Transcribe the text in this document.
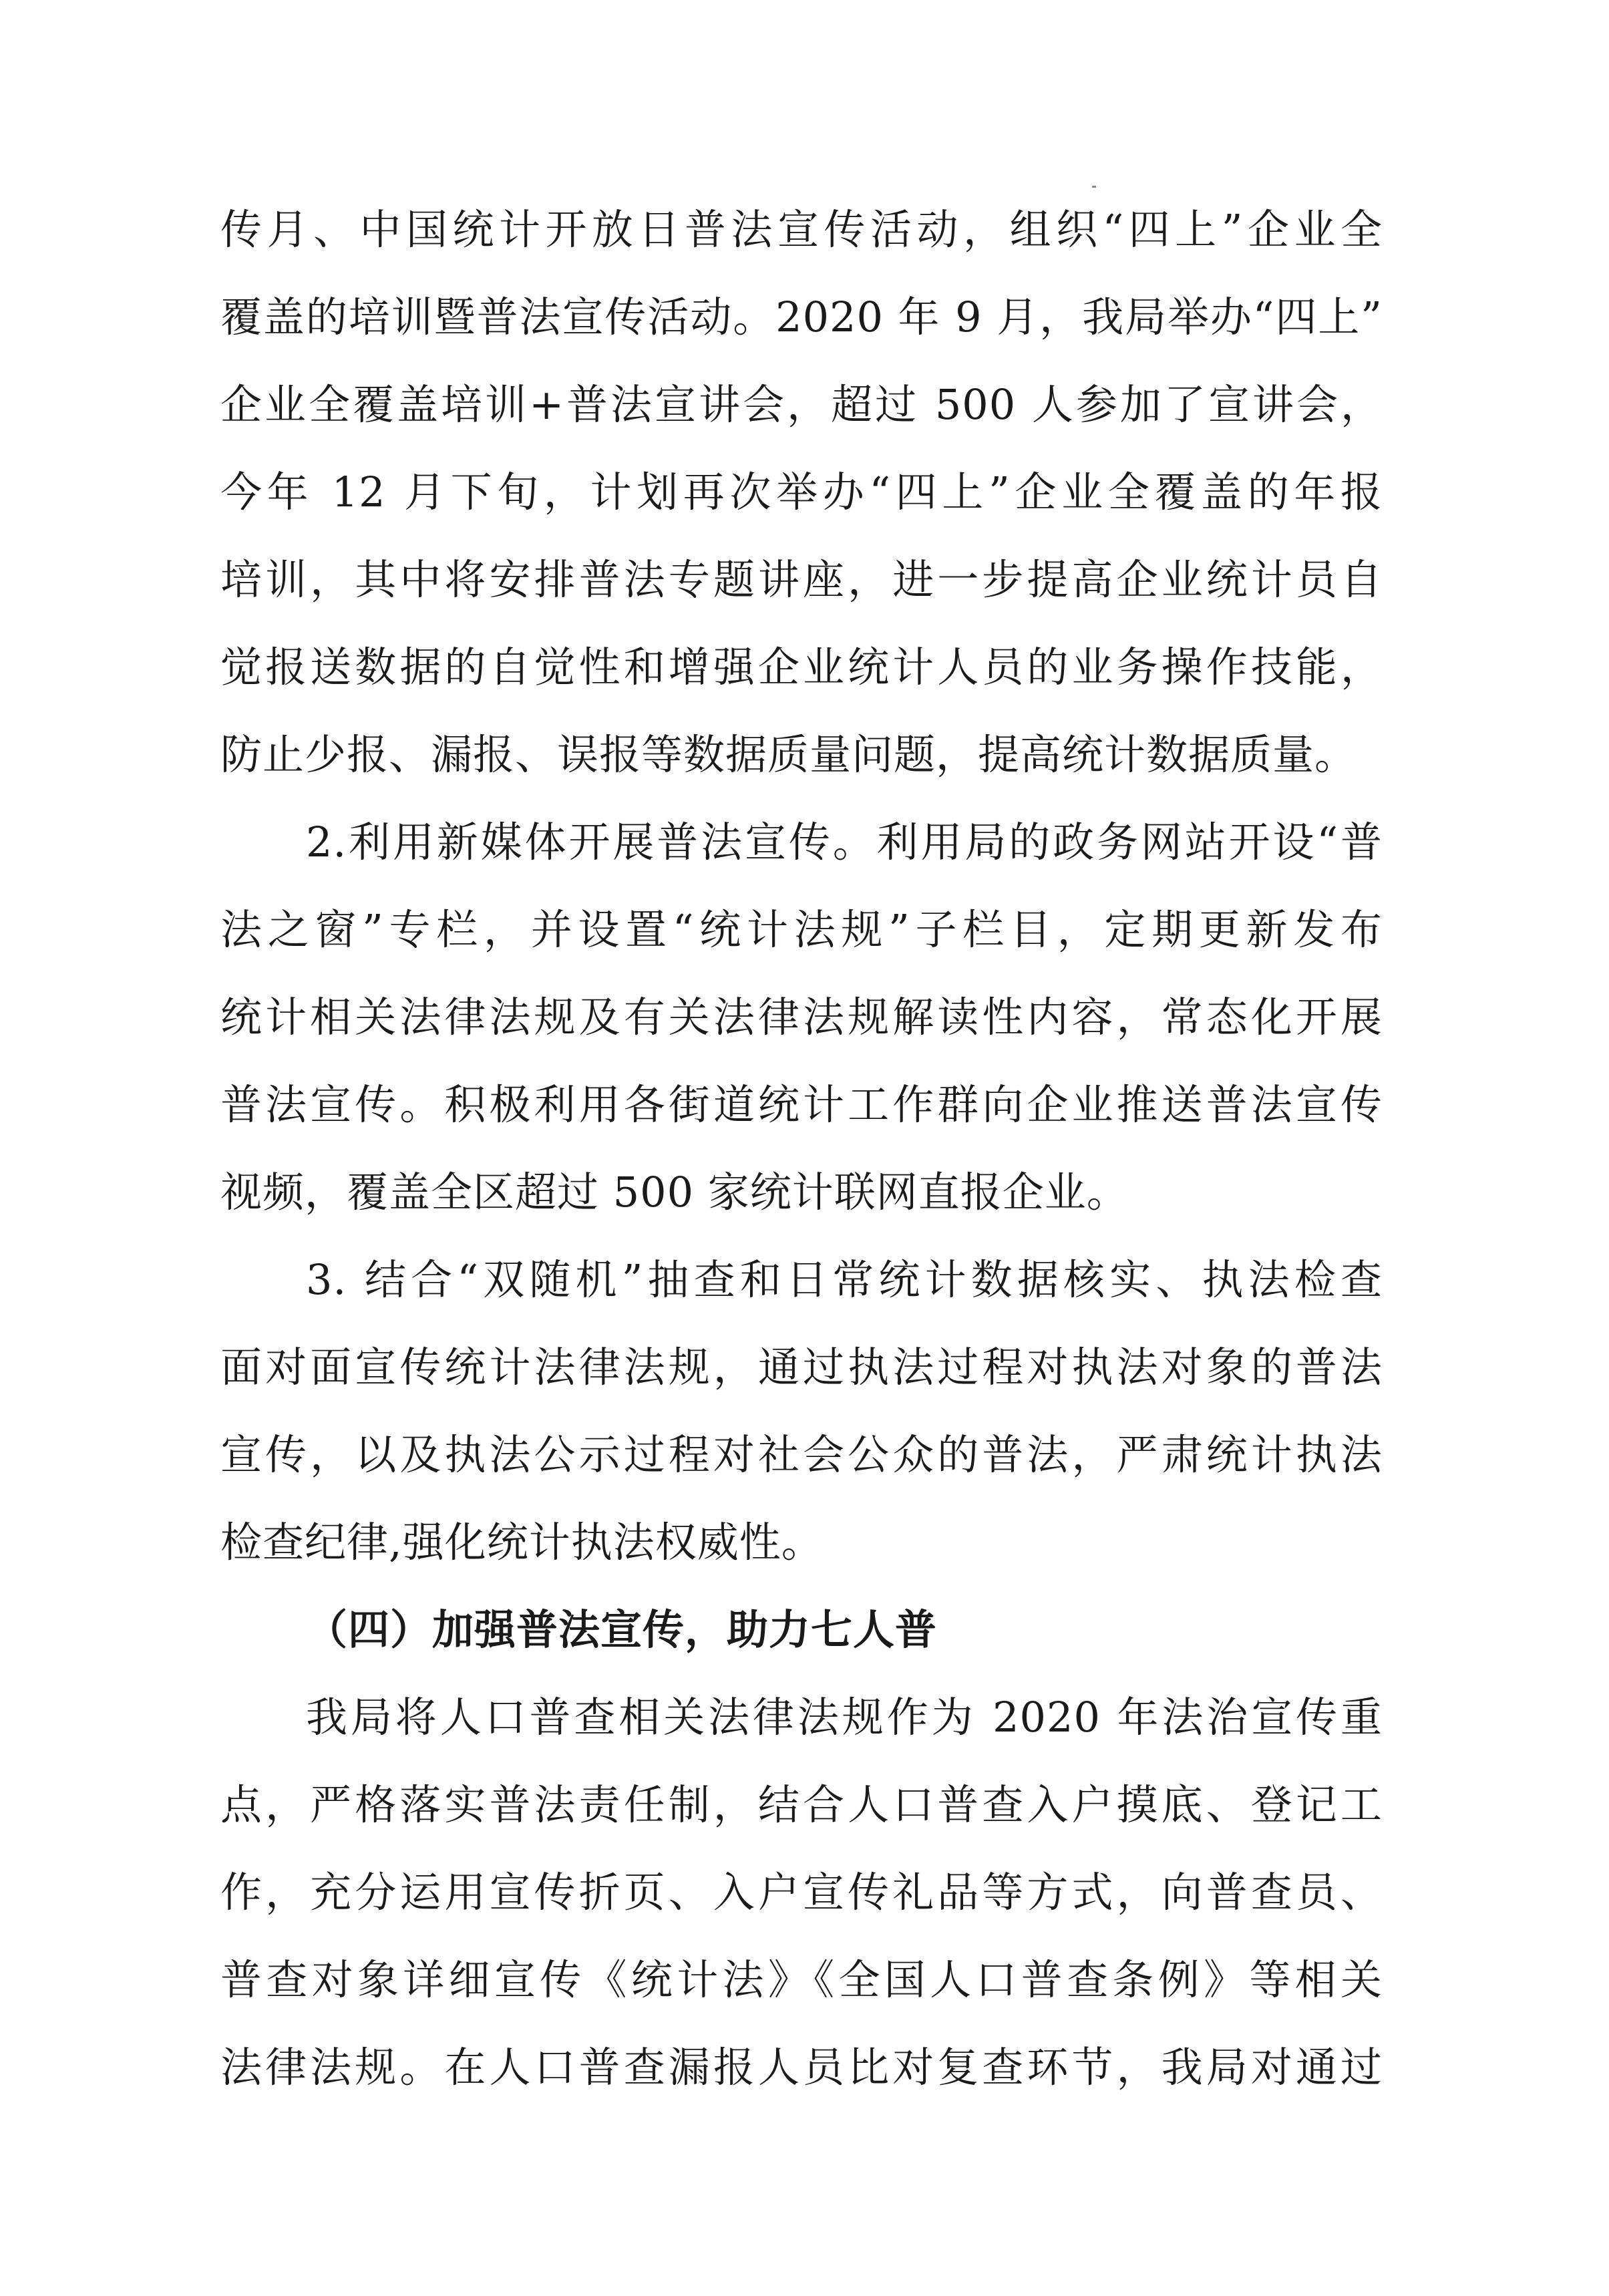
传月、中国统计开放日普法宣传活动，组织“四上”企业全
覆盖的培训暨普法宣传活动。2020 年 9 月，我局举办“四上”
企业全覆盖培训+普法宣讲会，超过 500 人参加了宣讲会，
今年 12 月下旬，计划再次举办“四上”企业全覆盖的年报
培训，其中将安排普法专题讲座，进一步提高企业统计员自
觉报送数据的自觉性和增强企业统计人员的业务操作技能，
防止少报、漏报、误报等数据质量问题，提高统计数据质量。
2.利用新媒体开展普法宣传。利用局的政务网站开设“普
法之窗”专栏，并设置“统计法规”子栏目，定期更新发布
统计相关法律法规及有关法律法规解读性内容，常态化开展
普法宣传。积极利用各街道统计工作群向企业推送普法宣传
视频，覆盖全区超过 500 家统计联网直报企业。
3. 结合“双随机”抽查和日常统计数据核实、执法检查
面对面宣传统计法律法规，通过执法过程对执法对象的普法
宣传，以及执法公示过程对社会公众的普法，严肃统计执法
检查纪律,强化统计执法权威性。
（四）加强普法宣传，助力七人普
我局将人口普查相关法律法规作为 2020 年法治宣传重
点，严格落实普法责任制，结合人口普查入户摸底、登记工
作，充分运用宣传折页、入户宣传礼品等方式，向普查员、
普查对象详细宣传《统计法》《全国人口普查条例》等相关
法律法规。在人口普查漏报人员比对复查环节，我局对通过
